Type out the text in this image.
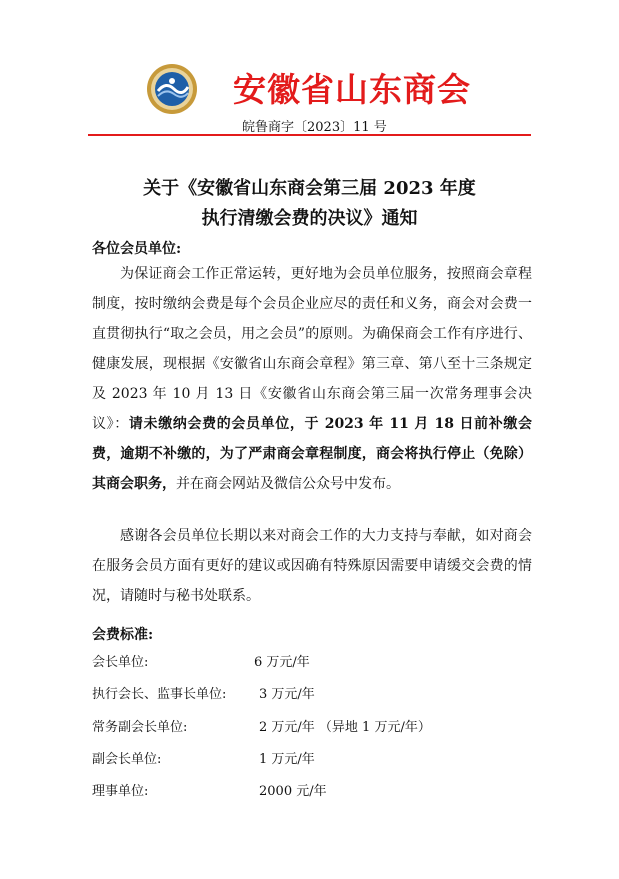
安徽省山东商会
皖鲁商字〔2023〕11 号
关于《安徽省山东商会第三届 2023 年度
执行清缴会费的决议》通知
各位会员单位:
为保证商会工作正常运转，更好地为会员单位服务，按照商会章程制度，按时缴纳会费是每个会员企业应尽的责任和义务，商会对会费一直贯彻执行“取之会员，用之会员”的原则。为确保商会工作有序进行、健康发展，现根据《安徽省山东商会章程》第三章、第八至十三条规定及 2023 年 10 月 13 日《安徽省山东商会第三届一次常务理事会决议》：请未缴纳会费的会员单位，于 2023 年 11 月 18 日前补缴会费，逾期不补缴的，为了严肃商会章程制度，商会将执行停止（免除）其商会职务，并在商会网站及微信公众号中发布。
感谢各会员单位长期以来对商会工作的大力支持与奉献，如对商会在服务会员方面有更好的建议或因确有特殊原因需要申请缓交会费的情况，请随时与秘书处联系。
会费标准:
会长单位:	6 万元/年
执行会长、监事长单位:	3 万元/年
常务副会长单位:	2 万元/年 （异地 1 万元/年）
副会长单位:	1 万元/年
理事单位:	2000 元/年
